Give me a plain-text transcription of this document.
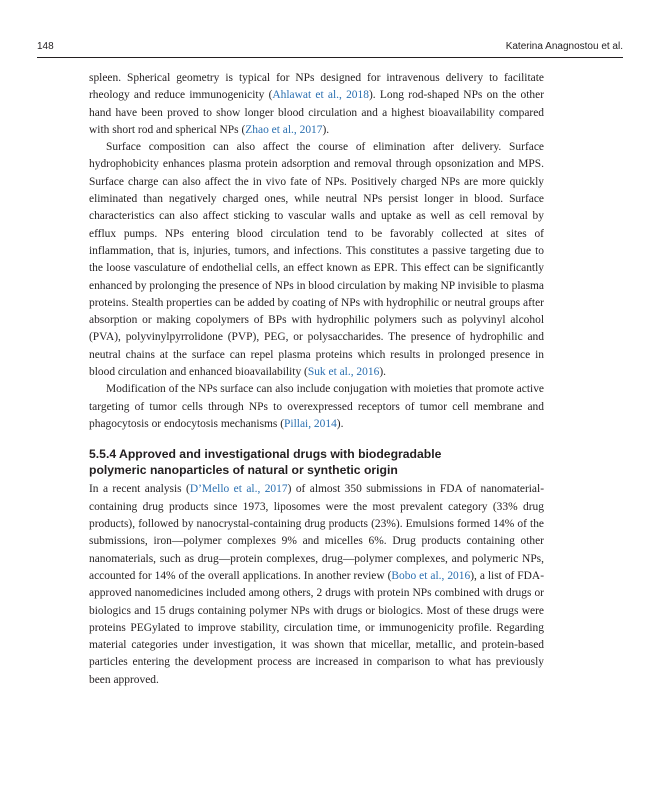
148	Katerina Anagnostou et al.

spleen. Spherical geometry is typical for NPs designed for intravenous delivery to facilitate rheology and reduce immunogenicity (Ahlawat et al., 2018). Long rod-shaped NPs on the other hand have been proved to show longer blood circulation and a highest bioavailability compared with short rod and spherical NPs (Zhao et al., 2017).

Surface composition can also affect the course of elimination after delivery. Surface hydrophobicity enhances plasma protein adsorption and removal through opsonization and MPS. Surface charge can also affect the in vivo fate of NPs. Positively charged NPs are more quickly eliminated than negatively charged ones, while neutral NPs persist longer in blood. Surface characteristics can also affect sticking to vascular walls and uptake as well as cell removal by efflux pumps. NPs entering blood circulation tend to be favorably collected at sites of inflammation, that is, injuries, tumors, and infections. This constitutes a passive targeting due to the loose vasculature of endothelial cells, an effect known as EPR. This effect can be significantly enhanced by prolonging the presence of NPs in blood circulation by making NP invisible to plasma proteins. Stealth properties can be added by coating of NPs with hydrophilic or neutral groups after absorption or making copolymers of BPs with hydrophilic polymers such as polyvinyl alcohol (PVA), polyvinylpyrrolidone (PVP), PEG, or polysaccharides. The presence of hydrophilic and neutral chains at the surface can repel plasma proteins which results in prolonged presence in blood circulation and enhanced bioavailability (Suk et al., 2016).

Modification of the NPs surface can also include conjugation with moieties that promote active targeting of tumor cells through NPs to overexpressed receptors of tumor cell membrane and phagocytosis or endocytosis mechanisms (Pillai, 2014).

5.5.4 Approved and investigational drugs with biodegradable
polymeric nanoparticles of natural or synthetic origin

In a recent analysis (D’Mello et al., 2017) of almost 350 submissions in FDA of nanomaterial-containing drug products since 1973, liposomes were the most prevalent category (33% drug products), followed by nanocrystal-containing drug products (23%). Emulsions formed 14% of the submissions, iron—polymer complexes 9% and micelles 6%. Drug products containing other nanomaterials, such as drug—protein complexes, drug—polymer complexes, and polymeric NPs, accounted for 14% of the overall applications. In another review (Bobo et al., 2016), a list of FDA-approved nanomedicines included among others, 2 drugs with protein NPs combined with drugs or biologics and 15 drugs containing polymer NPs with drugs or biologics. Most of these drugs were proteins PEGylated to improve stability, circulation time, or immunogenicity profile. Regarding material categories under investigation, it was shown that micellar, metallic, and protein-based particles entering the development process are increased in comparison to what has previously been approved.
